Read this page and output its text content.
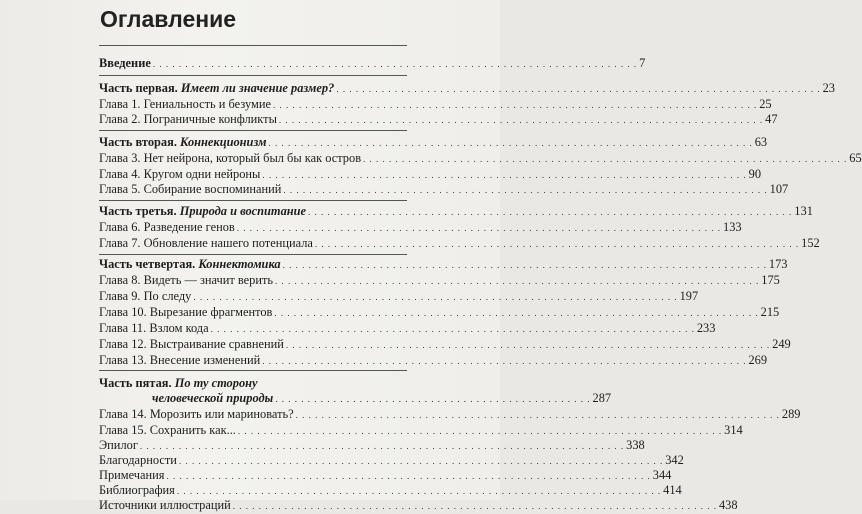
Оглавление
Введение . . .	7
Часть первая. Имеет ли значение размер? . . .	23
Глава 1. Гениальность и безумие . . .	25
Глава 2. Пограничные конфликты . . .	47
Часть вторая. Коннекционизм . . .	63
Глава 3. Нет нейрона, который был бы как остров . . .	65
Глава 4. Кругом одни нейроны . . .	90
Глава 5. Собирание воспоминаний . . .	107
Часть третья. Природа и воспитание . . .	131
Глава 6. Разведение генов . . .	133
Глава 7. Обновление нашего потенциала . . .	152
Часть четвертая. Коннектомика . . .	173
Глава 8. Видеть — значит верить . . .	175
Глава 9. По следу . . .	197
Глава 10. Вырезание фрагментов . . .	215
Глава 11. Взлом кода . . .	233
Глава 12. Выстраивание сравнений . . .	249
Глава 13. Внесение изменений . . .	269
Часть пятая. По ту сторону
человеческой природы . . .	287
Глава 14. Морозить или мариновать? . . .	289
Глава 15. Сохранить как... . . .	314
Эпилог . . .	338
Благодарности . . .	342
Примечания . . .	344
Библиография . . .	414
Источники иллюстраций . . .	438
